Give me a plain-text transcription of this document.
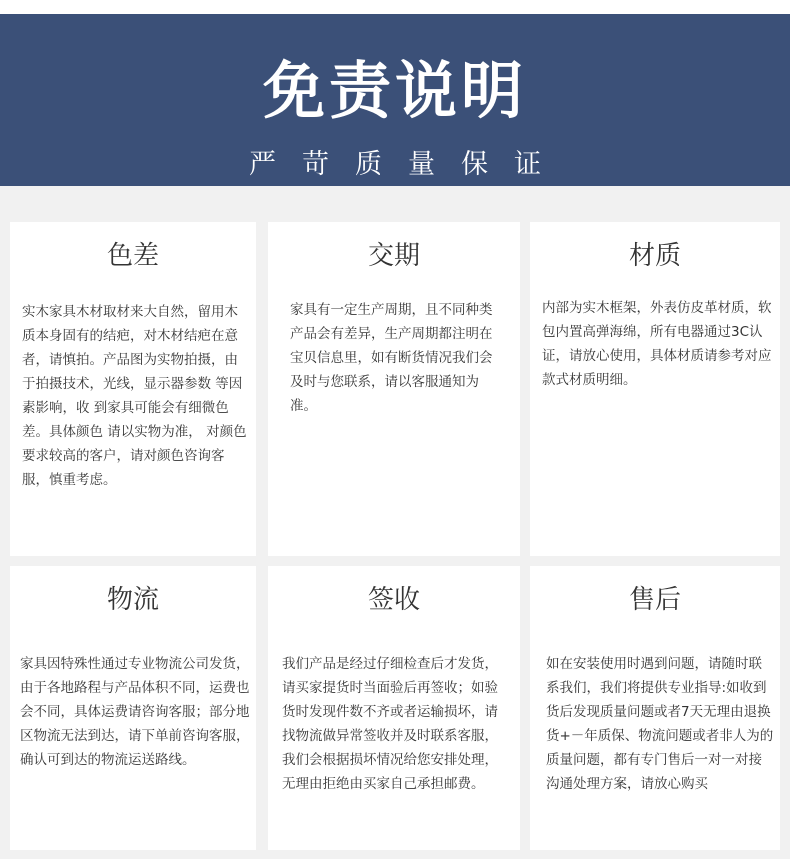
免责说明
严苛质量保证
色差
实木家具木材取材来大自然，留用木质本身固有的结疤，对木材结疤在意者，请慎拍。产品图为实物拍摄，由于拍摄技术，光线，显示器参数 等因素影响，收 到家具可能会有细微色差。具体颜色 请以实物为准， 对颜色要求较高的客户，请对颜色咨询客服，慎重考虑。
交期
家具有一定生产周期，且不同种类 产品会有差异，生产周期都注明在 宝贝信息里，如有断货情况我们会及时与您联系，请以客服通知为准。
材质
内部为实木框架，外表仿皮革材质，软包内置高弹海绵，所有电器通过3C认证，请放心使用，具体材质请参考对应款式材质明细。
物流
家具因特殊性通过专业物流公司发货，由于各地路程与产品体积不同，运费也会不同，具体运费请咨询客服；部分地区物流无法到达，请下单前咨询客服，确认可到达的物流运送路线。
签收
我们产品是经过仔细检查后才发货，请买家提货时当面验后再签收；如验货时发现件数不齐或者运输损坏，请找物流做异常签收并及时联系客服，我们会根据损坏情况给您安排处理，无理由拒绝由买家自己承担邮费。
售后
如在安装使用时遇到问题，请随时联系我们，我们将提供专业指导:如收到货后发现质量问题或者7天无理由退换货+－年质保、物流问题或者非人为的质量问题，都有专门售后一对一对接沟通处理方案，请放心购买
